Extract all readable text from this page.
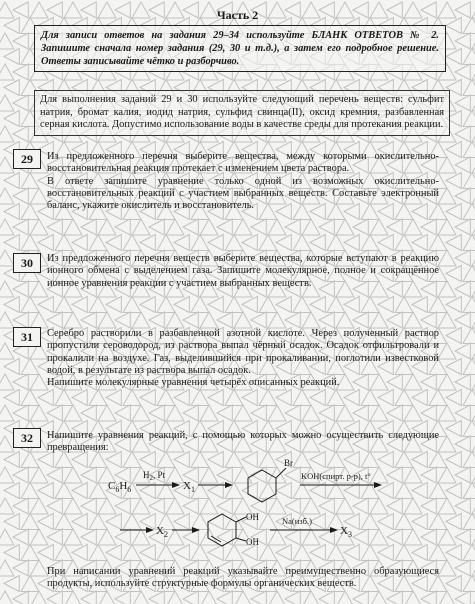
Часть 2
Для записи ответов на задания 29–34 используйте БЛАНК ОТВЕТОВ № 2. Запишите сначала номер задания (29, 30 и т.д.), а затем его подробное решение. Ответы записывайте чётко и разборчиво.
Для выполнения заданий 29 и 30 используйте следующий перечень веществ: сульфит натрия, бромат калия, иодид натрия, сульфид свинца(II), оксид кремния, разбавленная серная кислота. Допустимо использование воды в качестве среды для протекания реакции.
29	Из предложенного перечня выберите вещества, между которыми окислительно-восстановительная реакция протекает с изменением цвета раствора.

В ответе запишите уравнение только одной из возможных окислительно-восстановительных реакций с участием выбранных веществ. Составьте электронный баланс, укажите окислитель и восстановитель.

30	Из предложенного перечня веществ выберите вещества, которые вступают в реакцию ионного обмена с выделением газа. Запишите молекулярное, полное и сокращённое ионное уравнения реакции с участием выбранных веществ.

31	Серебро растворили в разбавленной азотной кислоте. Через полученный раствор пропустили сероводород, из раствора выпал чёрный осадок. Осадок отфильтровали и прокалили на воздухе. Газ, выделившийся при прокаливании, поглотили известковой водой, в результате из раствора выпал осадок.

Напишите молекулярные уравнения четырёх описанных реакций.

32	Напишите уравнения реакций, с помощью которых можно осуществить следующие превращения:

$C_6H_6$
$H_2$, Pt
$X_1$
Br
KOH(спирт. р-р), t°
$X_2$
OH
OH
Na(изб.)
$X_3$

При написании уравнений реакций указывайте преимущественно образующиеся продукты, используйте структурные формулы органических веществ.
